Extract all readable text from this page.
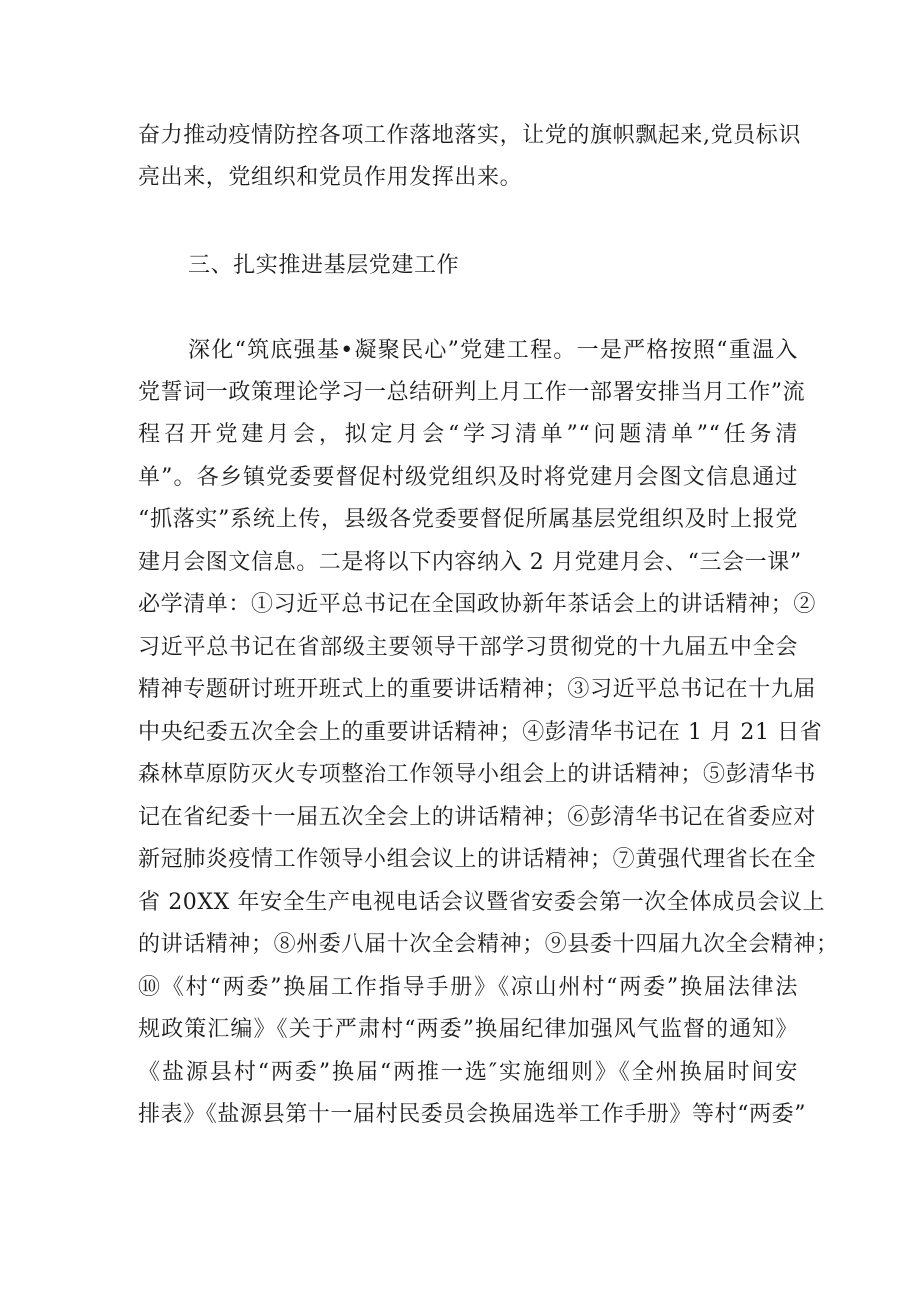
奋力推动疫情防控各项工作落地落实，让党的旗帜飘起来,党员标识
亮出来，党组织和党员作用发挥出来。
三、扎实推进基层党建工作
深化“筑底强基•凝聚民心”党建工程。一是严格按照“重温入
党誓词一政策理论学习一总结研判上月工作一部署安排当月工作”流
程召开党建月会，拟定月会“学习清单”“问题清单”“任务清
单”。各乡镇党委要督促村级党组织及时将党建月会图文信息通过
“抓落实”系统上传，县级各党委要督促所属基层党组织及时上报党
建月会图文信息。二是将以下内容纳入 2 月党建月会、“三会一课”
必学清单：①习近平总书记在全国政协新年茶话会上的讲话精神；②
习近平总书记在省部级主要领导干部学习贯彻党的十九届五中全会
精神专题研讨班开班式上的重要讲话精神；③习近平总书记在十九届
中央纪委五次全会上的重要讲话精神；④彭清华书记在 1 月 21 日省
森林草原防灭火专项整治工作领导小组会上的讲话精神；⑤彭清华书
记在省纪委十一届五次全会上的讲话精神；⑥彭清华书记在省委应对
新冠肺炎疫情工作领导小组会议上的讲话精神；⑦黄强代理省长在全
省 20XX 年安全生产电视电话会议暨省安委会第一次全体成员会议上
的讲话精神；⑧州委八届十次全会精神；⑨县委十四届九次全会精神；
⑩《村“两委”换届工作指导手册》《凉山州村“两委”换届法律法
规政策汇编》《关于严肃村“两委”换届纪律加强风气监督的通知》
《盐源县村“两委”换届“两推一选″实施细则》《全州换届时间安
排表》《盐源县第十一届村民委员会换届选举工作手册》等村“两委”
